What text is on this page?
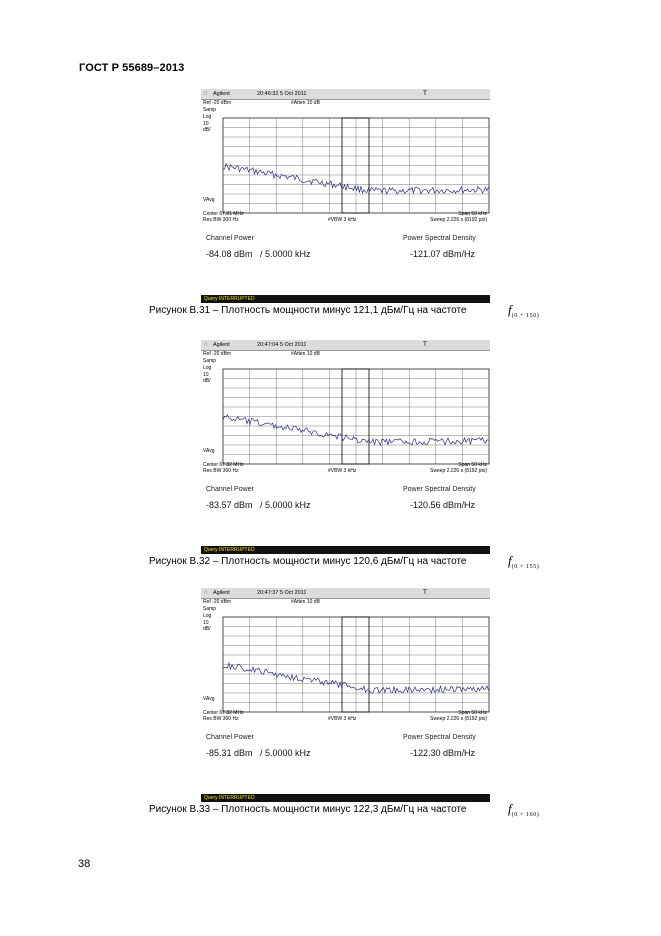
ГОСТ Р 55689–2013
⁞⁞ Agilent	20:46:32 5 Oct 2011	T
Ref -20 dBm	#Atten 10 dB
Samp
Log
10
dB/
VAvg
Center 67.81 MHz	Span 50 kHz
Res BW 300 Hz	#VBW 3 kHz	Sweep 2.226 s (8192 pts)
Channel Power	Power Spectral Density
-84.08 dBm / 5.0000 kHz	-121.07 dBm/Hz
Query INTERRUPTED
Рисунок В.31 – Плотность мощности минус 121,1 дБм/Гц на частоте	f(0 + 150)
⁞⁞ Agilent	20:47:04 5 Oct 2011	T
Ref -20 dBm	#Atten 10 dB
Samp
Log
10
dB/
VAvg
Center 67.82 MHz	Span 50 kHz
Res BW 300 Hz	#VBW 3 kHz	Sweep 2.226 s (8192 pts)
Channel Power	Power Spectral Density
-83.57 dBm / 5.0000 kHz	-120.56 dBm/Hz
Query INTERRUPTED
Рисунок В.32 – Плотность мощности минус 120,6 дБм/Гц на частоте	f(0 + 155)
⁞⁞ Agilent	20:47:37 5 Oct 2011	T
Ref -20 dBm	#Atten 10 dB
Samp
Log
10
dB/
VAvg
Center 67.82 MHz	Span 50 kHz
Res BW 300 Hz	#VBW 3 kHz	Sweep 2.226 s (8192 pts)
Channel Power	Power Spectral Density
-85.31 dBm / 5.0000 kHz	-122.30 dBm/Hz
Query INTERRUPTED
Рисунок В.33 – Плотность мощности минус 122,3 дБм/Гц на частоте	f(0 + 160)
38
